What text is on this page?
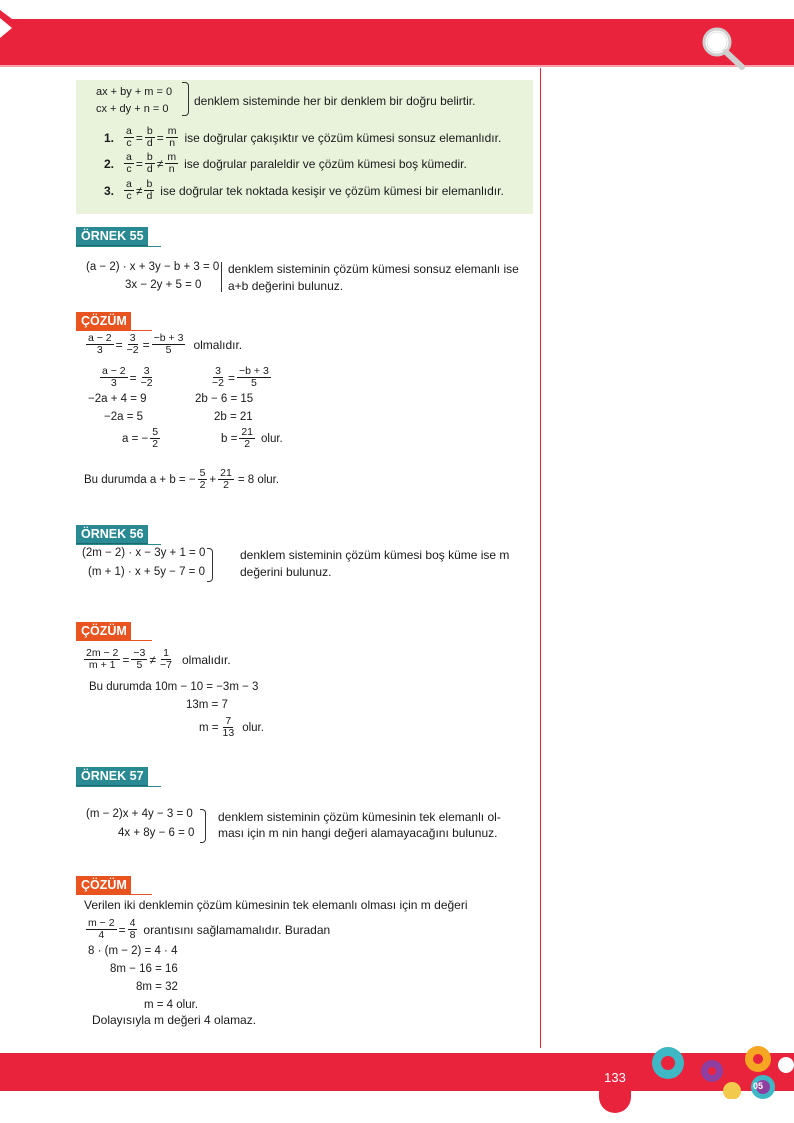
ax + by + m = 0
cx + dy + n = 0
denklem sisteminde her bir denklem bir doğru belirtir.
1. $\frac{a}{c} = \frac{b}{d} = \frac{m}{n}$ ise doğrular çakışıktır ve çözüm kümesi sonsuz elemanlıdır.
2. $\frac{a}{c} = \frac{b}{d} \ne \frac{m}{n}$ ise doğrular paraleldir ve çözüm kümesi boş kümedir.
3. $\frac{a}{c} \ne \frac{b}{d}$ ise doğrular tek noktada kesişir ve çözüm kümesi bir elemanlıdır.
ÖRNEK 55
(a − 2) · x + 3y − b + 3 = 0
3x − 2y + 5 = 0
denklem sisteminin çözüm kümesi sonsuz elemanlı ise
a+b değerini bulunuz.
ÇÖZÜM
$\frac{a - 2}{3} = \frac{3}{-2} = \frac{-b + 3}{5}$ olmalıdır.
$\frac{a - 2}{3} = \frac{3}{-2}$
−2a + 4 = 9
−2a = 5
a = − $\frac{5}{2}$
$\frac{3}{-2} = \frac{-b + 3}{5}$
2b − 6 = 15
2b = 21
$b = \frac{21}{2}$ olur.
Bu durumda a + b = − $\frac{5}{2} + \frac{21}{2} = 8$ olur.
ÖRNEK 56
(2m − 2) · x − 3y + 1 = 0
(m + 1) · x + 5y − 7 = 0
denklem sisteminin çözüm kümesi boş küme ise m
değerini bulunuz.
ÇÖZÜM
$\frac{2m - 2}{m + 1} = \frac{-3}{5} \ne \frac{1}{-7}$ olmalıdır.
Bu durumda 10m − 10 = −3m − 3
13m = 7
$m = \frac{7}{13}$ olur.
ÖRNEK 57
(m − 2)x + 4y − 3 = 0
4x + 8y − 6 = 0
denklem sisteminin çözüm kümesinin tek elemanlı ol-
ması için m nin hangi değeri alamayacağını bulunuz.
ÇÖZÜM
Verilen iki denklemin çözüm kümesinin tek elemanlı olması için m değeri
$\frac{m - 2}{4} = \frac{4}{8}$ orantısını sağlamamalıdır. Buradan
8 · (m − 2) = 4 · 4
8m − 16 = 16
8m = 32
m = 4 olur.
Dolayısıyla m değeri 4 olamaz.
133
05
